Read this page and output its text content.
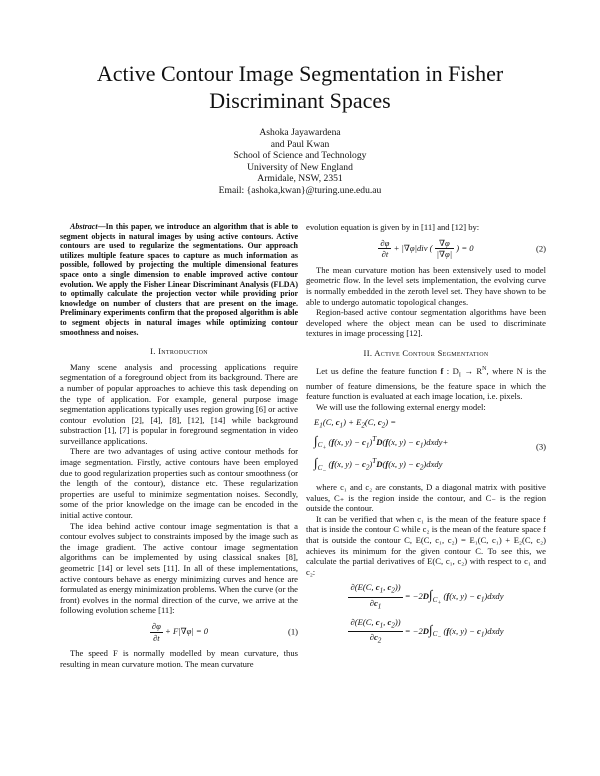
Active Contour Image Segmentation in Fisher Discriminant Spaces
Ashoka Jayawardena
and Paul Kwan
School of Science and Technology
University of New England
Armidale, NSW, 2351
Email: {ashoka,kwan}@turing.une.edu.au

Abstract—In this paper, we introduce an algorithm that is able to segment objects in natural images by using active contours. Active contours are used to regularize the segmentations. Our approach utilizes multiple feature spaces to capture as much information as possible, followed by projecting the multiple dimensional features space onto a single dimension to enable improved active contour evolution. We apply the Fisher Linear Discriminant Analysis (FLDA) to optimally calculate the projection vector while providing prior knowledge on number of clusters that are present on the image. Preliminary experiments confirm that the proposed algorithm is able to segment objects in natural images while optimizing contour smoothness and noises.

I. Introduction

Many scene analysis and processing applications require segmentation of a foreground object from its background. There are a number of popular approaches to achieve this task depending on the type of application. For example, general purpose image segmentation applications typically uses region growing [6] or active contour evolution [2], [4], [8], [12], [14] while background substraction [1], [7] is popular in foreground segmentation in video surveillance applications.

There are two advantages of using active contour methods for image segmentation. Firstly, active contours have been employed due to good regularization properties such as contour smoothness (or the length of the contour), distance etc. These regularization properties are useful to minimize segmentation noises. Secondly, some of the prior knowledge on the image can be encoded in the initial active contour.

The idea behind active contour image segmentation is that a contour evolves subject to constraints imposed by the image such as the image gradient. The active contour image segmentation algorithms can be implemented by using classical snakes [8], geometric [14] or level sets [11]. In all of these implementations, active contours behave as energy minimizing curves and hence are formulated as energy minimization problems. When the curve (or the front) evolves in the normal direction of the curve, we arrive at the following evolution scheme [11]:

$\frac{\partial\varphi}{\partial t} + F|\nabla\varphi| = 0$	(1)

The speed F is normally modelled by mean curvature, thus resulting in mean curvature motion. The mean curvature

evolution equation is given by in [11] and [12] by:

$\frac{\partial\varphi}{\partial t} + |\nabla\varphi|div$ ( $\frac{\nabla\varphi}{|\nabla\varphi|}$ ) = 0	(2)

The mean curvature motion has been extensively used to model geometric flow. In the level sets implementation, the evolving curve is normally embedded in the zeroth level set. They have shown to be able to undergo automatic topological changes.

Region-based active contour segmentation algorithms have been developed where the object mean can be used to discriminate textures in image processing [12].

II. Active Contour Segmentation

Let us define the feature function f : $D_I \to R^N$, where N is the number of feature dimensions, be the feature space in which the feature function is evaluated at each image location, i.e. pixels.

We will use the following external energy model:

$E_1(C$, $c_1) + E_2(C$, $c_2$) =
$\int_{C_+}$ (f(x, $y) - c_1)^TD(f(x$, $y) - c_1)dxdy+$
$\int_{C_-}$ (f(x, $y) - c_2)^TD(f(x$, $y) - c_2)dxdy$
(3)

where c₁ and c₂ are constants, D a diagonal matrix with positive values, C₊ is the region inside the contour, and C₋ is the region outside the contour.

It can be verified that when c₁ is the mean of the feature space f that is inside the contour C while c₂ is the mean of the feature space f that is outside the contour C, E(C, c₁, c₂) = E₁(C, c₁) + E₂(C, c₂) achieves its minimum for the given contour C. To see this, we calculate the partial derivatives of E(C, c₁, c₂) with respect to c₁ and c₂:

$\frac{\partial(E(C, c_1, c_2))}{\partial c_1} = -2D\int_{C_+}$ (f(x, $y) - c_1)dxdy$
$\frac{\partial(E(C, c_1, c_2))}{\partial c_2} = -2D\int_{C_-}$ (f(x, $y) - c_1)dxdy$
